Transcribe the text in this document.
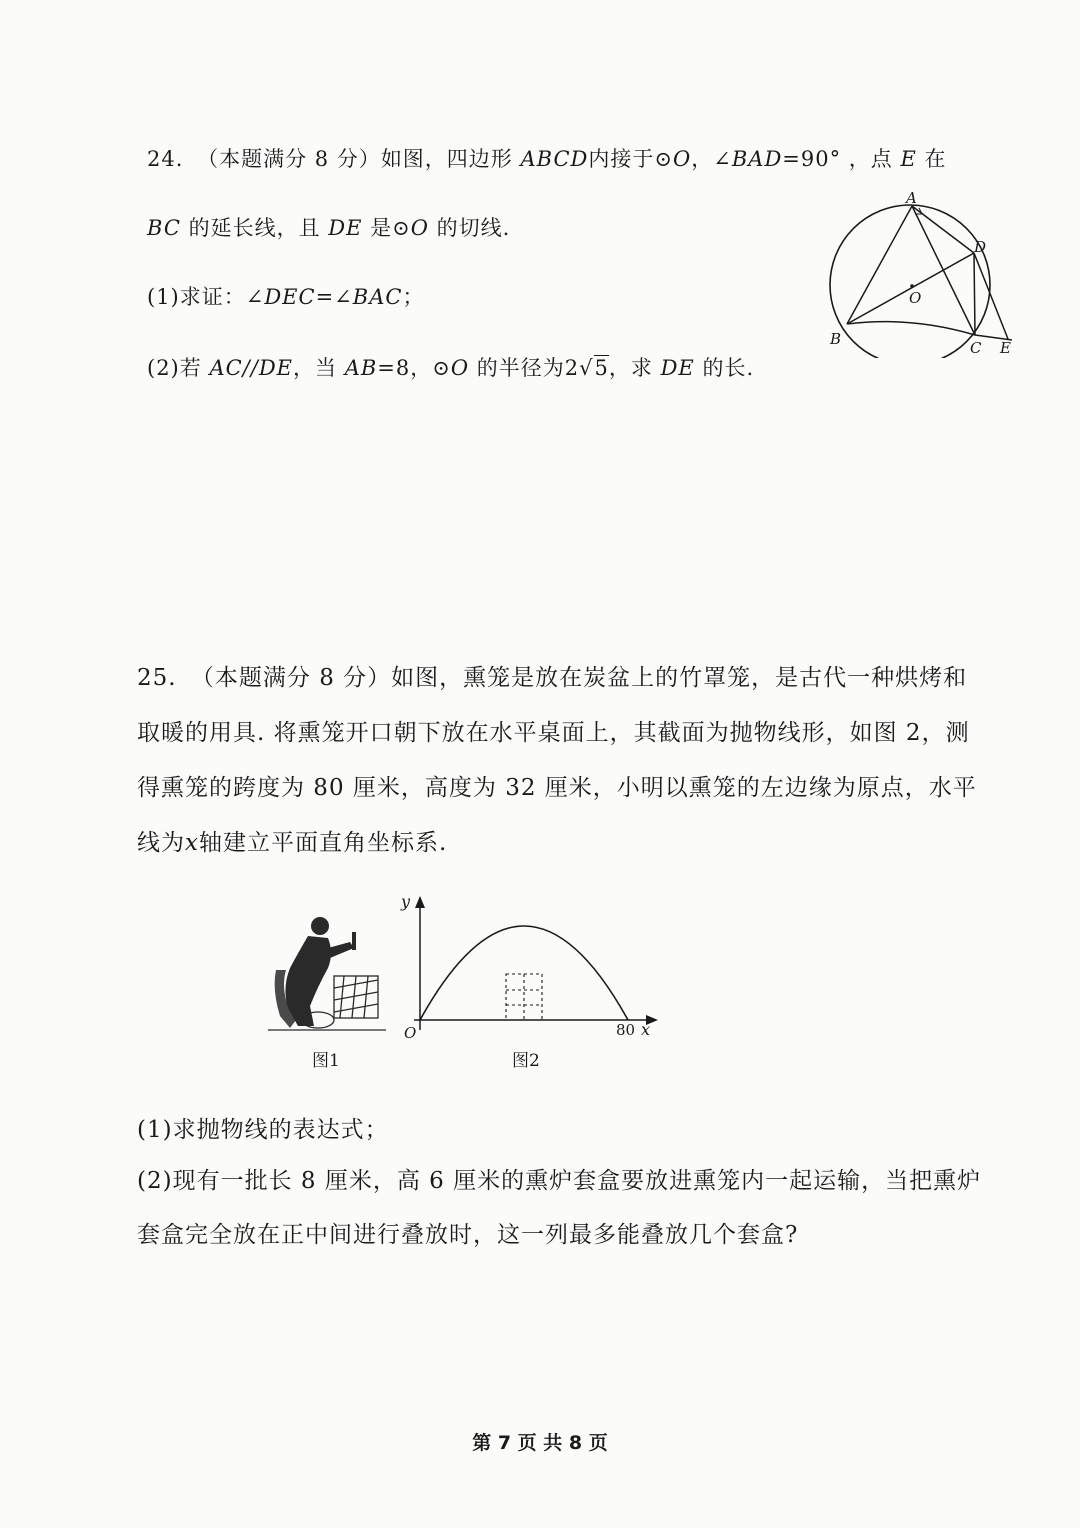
24. （本题满分 8 分）如图，四边形 ABCD内接于⊙O，∠BAD=90° ，点 E 在
BC 的延长线，且 DE 是⊙O 的切线.
(1)求证：∠DEC=∠BAC；
(2)若 AC//DE，当 AB=8，⊙O 的半径为2√5，求 DE 的长.
A
D
O
B	C E
25. （本题满分 8 分）如图，熏笼是放在炭盆上的竹罩笼，是古代一种烘烤和
取暖的用具. 将熏笼开口朝下放在水平桌面上，其截面为抛物线形，如图 2，测
得熏笼的跨度为 80 厘米，高度为 32 厘米，小明以熏笼的左边缘为原点，水平
线为x轴建立平面直角坐标系.
图1
y
O	80 x
图2
(1)求抛物线的表达式；
(2)现有一批长 8 厘米，高 6 厘米的熏炉套盒要放进熏笼内一起运输，当把熏炉
套盒完全放在正中间进行叠放时，这一列最多能叠放几个套盒?
第 7 页 共 8 页
